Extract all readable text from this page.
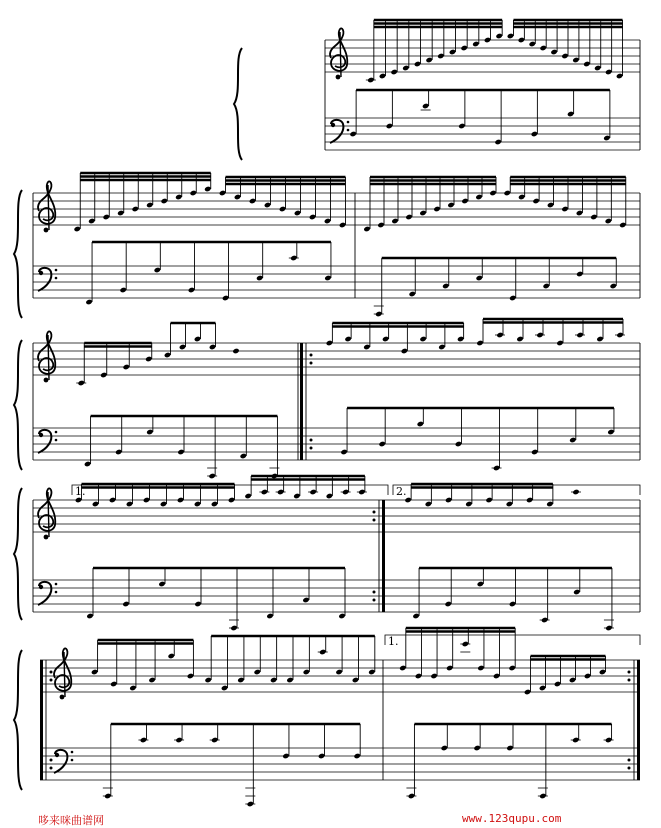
1.	2.
1.
哆来咪曲谱网	www.123qupu.com
